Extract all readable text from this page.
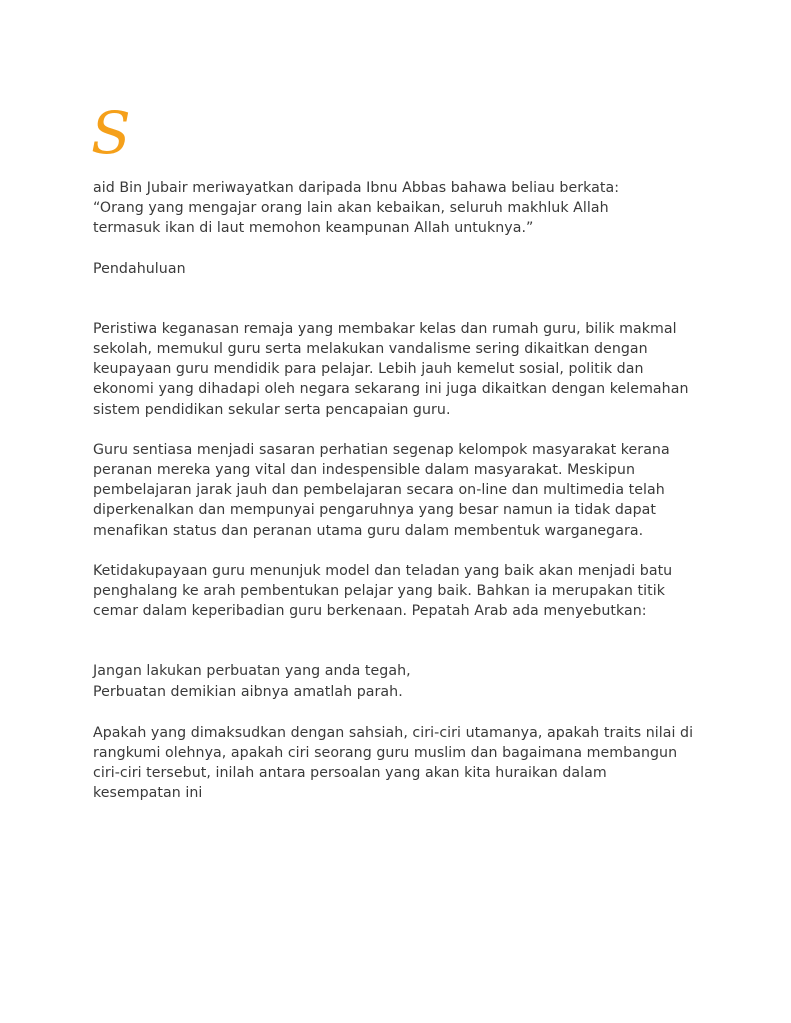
S

aid Bin Jubair meriwayatkan daripada Ibnu Abbas bahawa beliau berkata:
“Orang yang mengajar orang lain akan kebaikan, seluruh makhluk Allah
termasuk ikan di laut memohon keampunan Allah untuknya.”

Pendahuluan

Peristiwa keganasan remaja yang membakar kelas dan rumah guru, bilik makmal
sekolah, memukul guru serta melakukan vandalisme sering dikaitkan dengan
keupayaan guru mendidik para pelajar. Lebih jauh kemelut sosial, politik dan
ekonomi yang dihadapi oleh negara sekarang ini juga dikaitkan dengan kelemahan
sistem pendidikan sekular serta pencapaian guru.

Guru sentiasa menjadi sasaran perhatian segenap kelompok masyarakat kerana
peranan mereka yang vital dan indespensible dalam masyarakat. Meskipun
pembelajaran jarak jauh dan pembelajaran secara on-line dan multimedia telah
diperkenalkan dan mempunyai pengaruhnya yang besar namun ia tidak dapat
menafikan status dan peranan utama guru dalam membentuk warganegara.

Ketidakupayaan guru menunjuk model dan teladan yang baik akan menjadi batu
penghalang ke arah pembentukan pelajar yang baik. Bahkan ia merupakan titik
cemar dalam keperibadian guru berkenaan. Pepatah Arab ada menyebutkan:

Jangan lakukan perbuatan yang anda tegah,
Perbuatan demikian aibnya amatlah parah.

Apakah yang dimaksudkan dengan sahsiah, ciri-ciri utamanya, apakah traits nilai di
rangkumi olehnya, apakah ciri seorang guru muslim dan bagaimana membangun
ciri-ciri tersebut, inilah antara persoalan yang akan kita huraikan dalam
kesempatan ini
